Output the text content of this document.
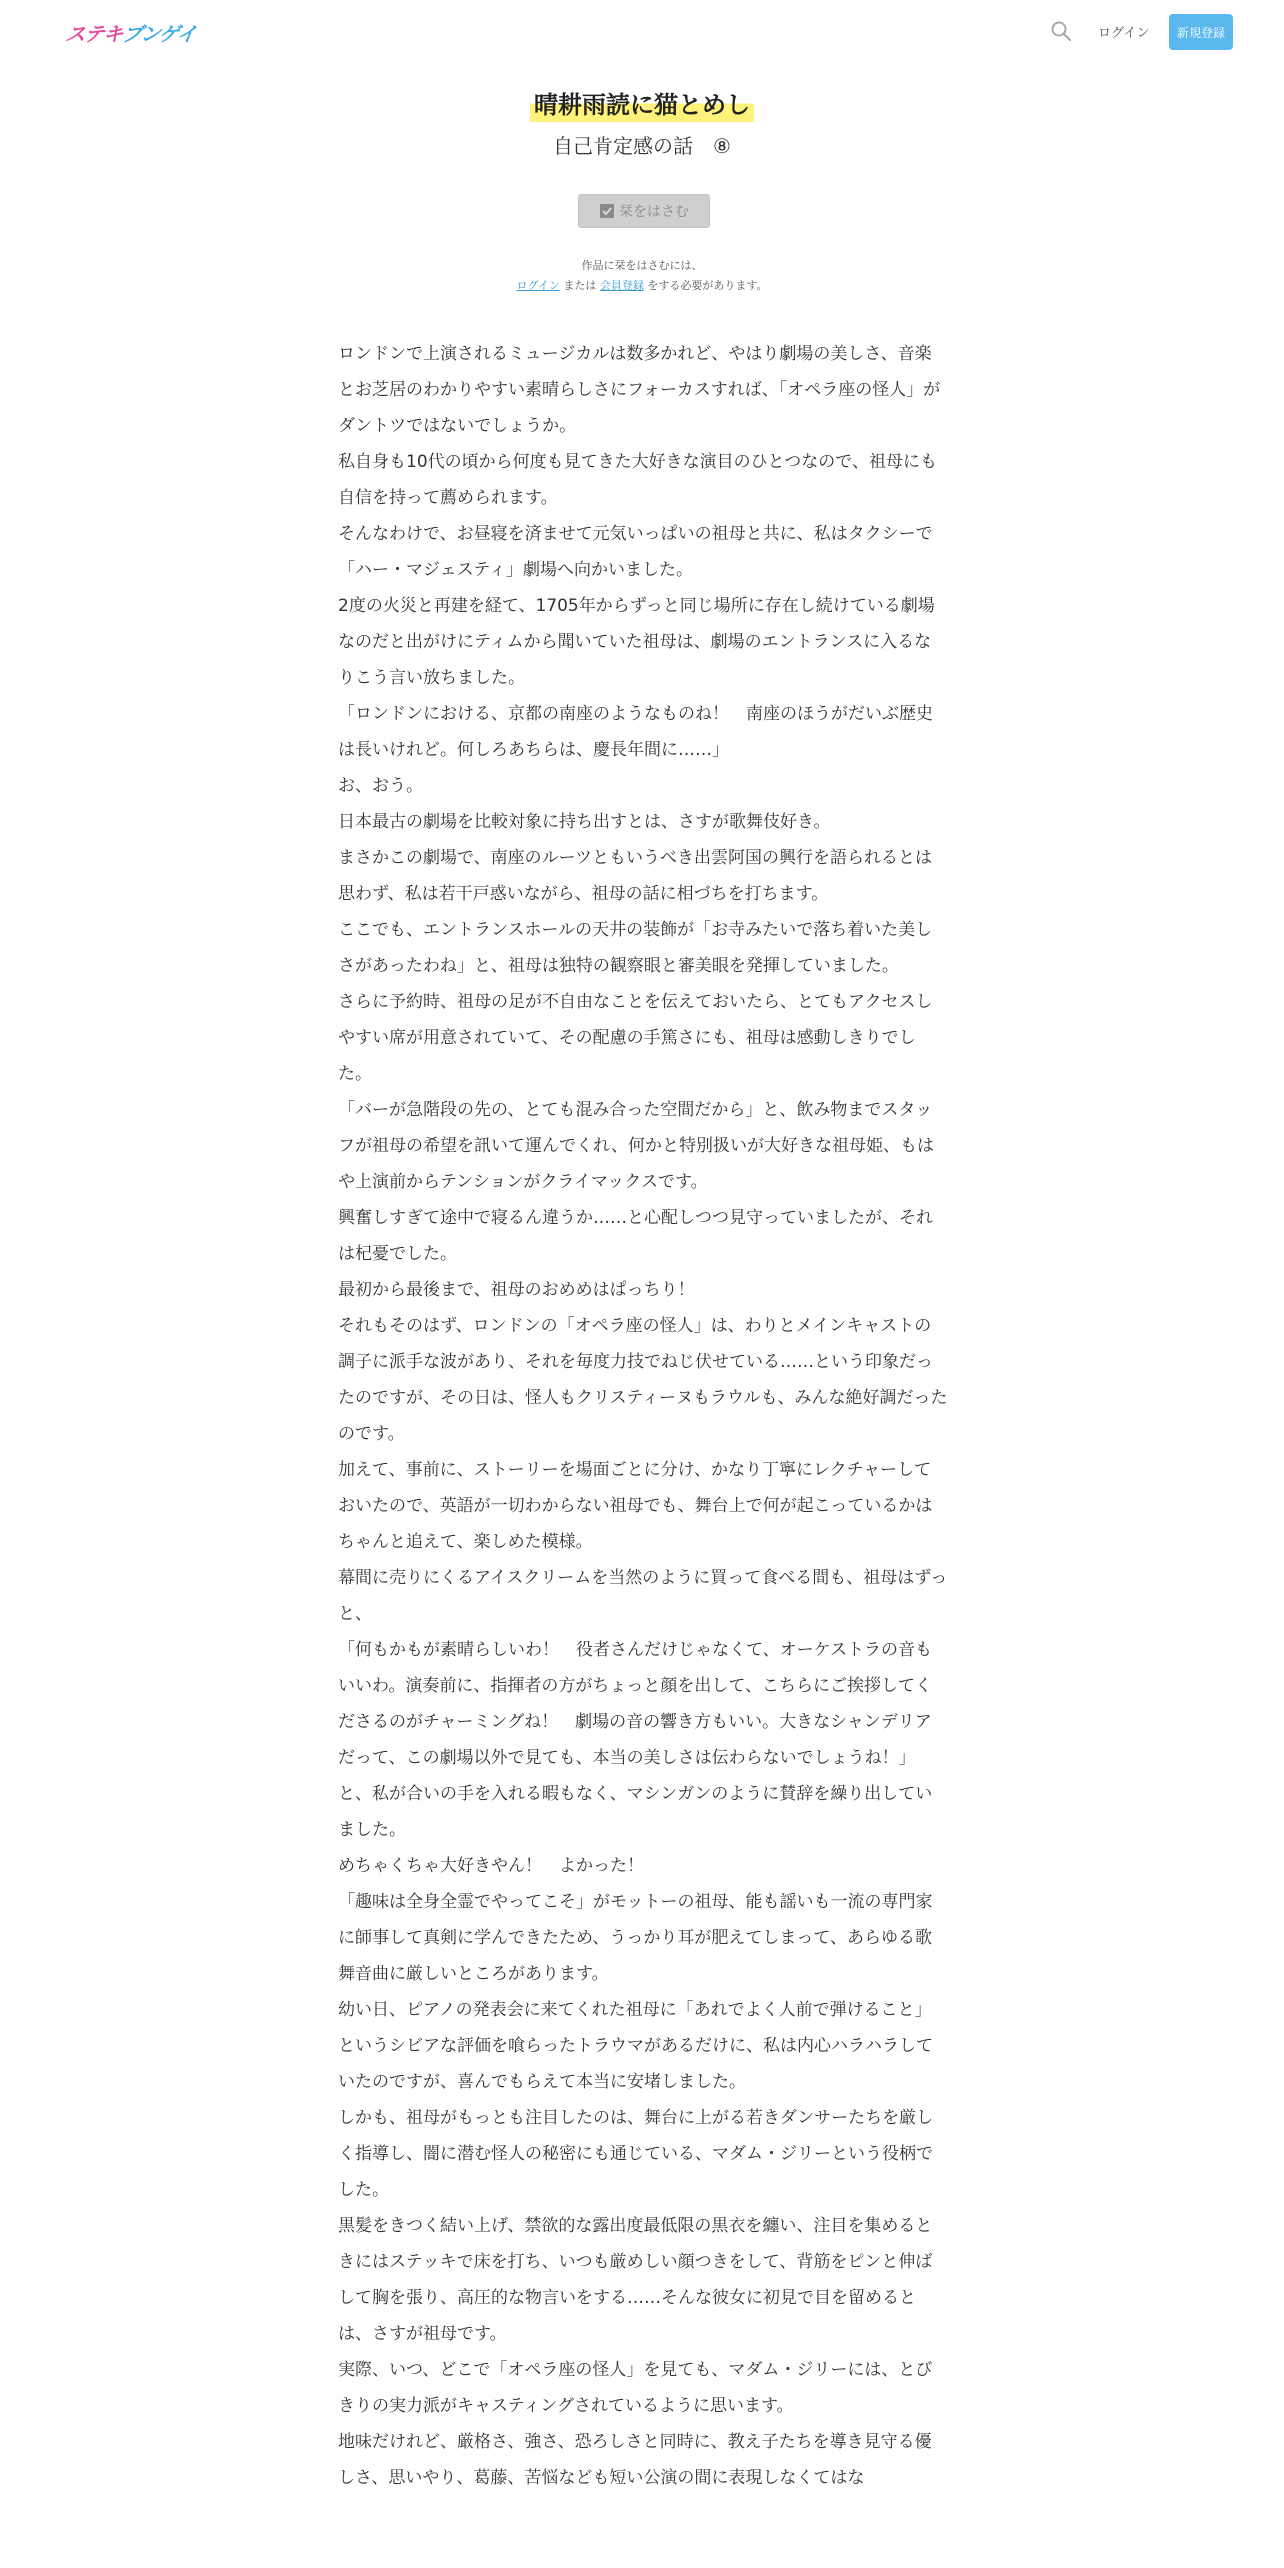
ステキブンゲイ	ログイン	新規登録
晴耕雨読に猫とめし
自己肯定感の話　⑧
栞をはさむ
作品に栞をはさむには、
ログイン または 会員登録 をする必要があります。

ロンドンで上演されるミュージカルは数多かれど、やはり劇場の美しさ、音楽とお芝居のわかりやすい素晴らしさにフォーカスすれば、「オペラ座の怪人」がダントツではないでしょうか。

私自身も10代の頃から何度も見てきた大好きな演目のひとつなので、祖母にも自信を持って薦められます。

そんなわけで、お昼寝を済ませて元気いっぱいの祖母と共に、私はタクシーで「ハー・マジェスティ」劇場へ向かいました。

2度の火災と再建を経て、1705年からずっと同じ場所に存在し続けている劇場なのだと出がけにティムから聞いていた祖母は、劇場のエントランスに入るなりこう言い放ちました。

「ロンドンにおける、京都の南座のようなものね！　南座のほうがだいぶ歴史は長いけれど。何しろあちらは、慶長年間に……」

お、おう。

日本最古の劇場を比較対象に持ち出すとは、さすが歌舞伎好き。

まさかこの劇場で、南座のルーツともいうべき出雲阿国の興行を語られるとは思わず、私は若干戸惑いながら、祖母の話に相づちを打ちます。

ここでも、エントランスホールの天井の装飾が「お寺みたいで落ち着いた美しさがあったわね」と、祖母は独特の観察眼と審美眼を発揮していました。

さらに予約時、祖母の足が不自由なことを伝えておいたら、とてもアクセスしやすい席が用意されていて、その配慮の手篤さにも、祖母は感動しきりでした。

「バーが急階段の先の、とても混み合った空間だから」と、飲み物までスタッフが祖母の希望を訊いて運んでくれ、何かと特別扱いが大好きな祖母姫、もはや上演前からテンションがクライマックスです。

興奮しすぎて途中で寝るん違うか……と心配しつつ見守っていましたが、それは杞憂でした。

最初から最後まで、祖母のおめめはぱっちり！

それもそのはず、ロンドンの「オペラ座の怪人」は、わりとメインキャストの調子に派手な波があり、それを毎度力技でねじ伏せている……という印象だったのですが、その日は、怪人もクリスティーヌもラウルも、みんな絶好調だったのです。

加えて、事前に、ストーリーを場面ごとに分け、かなり丁寧にレクチャーしておいたので、英語が一切わからない祖母でも、舞台上で何が起こっているかはちゃんと追えて、楽しめた模様。

幕間に売りにくるアイスクリームを当然のように買って食べる間も、祖母はずっと、

「何もかもが素晴らしいわ！　役者さんだけじゃなくて、オーケストラの音もいいわ。演奏前に、指揮者の方がちょっと顔を出して、こちらにご挨拶してくださるのがチャーミングね！　劇場の音の響き方もいい。大きなシャンデリアだって、この劇場以外で見ても、本当の美しさは伝わらないでしょうね！」

と、私が合いの手を入れる暇もなく、マシンガンのように賛辞を繰り出していました。

めちゃくちゃ大好きやん！　よかった！

「趣味は全身全霊でやってこそ」がモットーの祖母、能も謡いも一流の専門家に師事して真剣に学んできたため、うっかり耳が肥えてしまって、あらゆる歌舞音曲に厳しいところがあります。

幼い日、ピアノの発表会に来てくれた祖母に「あれでよく人前で弾けること」というシビアな評価を喰らったトラウマがあるだけに、私は内心ハラハラしていたのですが、喜んでもらえて本当に安堵しました。

しかも、祖母がもっとも注目したのは、舞台に上がる若きダンサーたちを厳しく指導し、闇に潜む怪人の秘密にも通じている、マダム・ジリーという役柄でした。

黒髪をきつく結い上げ、禁欲的な露出度最低限の黒衣を纏い、注目を集めるときにはステッキで床を打ち、いつも厳めしい顔つきをして、背筋をピンと伸ばして胸を張り、高圧的な物言いをする……そんな彼女に初見で目を留めるとは、さすが祖母です。

実際、いつ、どこで「オペラ座の怪人」を見ても、マダム・ジリーには、とびきりの実力派がキャスティングされているように思います。

地味だけれど、厳格さ、強さ、恐ろしさと同時に、教え子たちを導き見守る優しさ、思いやり、葛藤、苦悩なども短い公演の間に表現しなくてはな
